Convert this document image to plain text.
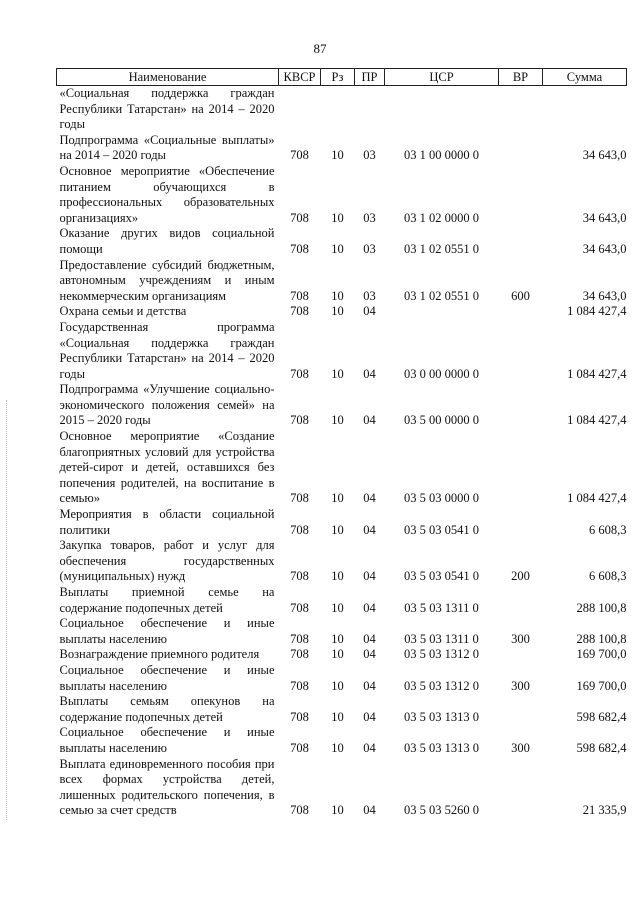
87
Наименование	КВСР	Рз	ПР	ЦСР	ВР	Сумма
«Социальная поддержка граждан Республики Татарстан» на 2014 – 2020 годы						
Подпрограмма «Социальные выплаты» на 2014 – 2020 годы	708	10	03	03 1 00 0000 0		34 643,0
Основное мероприятие «Обеспечение питанием обучающихся в профессиональных образовательных организациях»	708	10	03	03 1 02 0000 0		34 643,0
Оказание других видов социальной помощи	708	10	03	03 1 02 0551 0		34 643,0
Предоставление субсидий бюджетным, автономным учреждениям и иным некоммерческим организациям	708	10	03	03 1 02 0551 0	600	34 643,0
Охрана семьи и детства	708	10	04			1 084 427,4
Государственная программа «Социальная поддержка граждан Республики Татарстан» на 2014 – 2020 годы	708	10	04	03 0 00 0000 0		1 084 427,4
Подпрограмма «Улучшение социально-экономического положения семей» на 2015 – 2020 годы	708	10	04	03 5 00 0000 0		1 084 427,4
Основное мероприятие «Создание благоприятных условий для устройства детей-сирот и детей, оставшихся без попечения родителей, на воспитание в семью»	708	10	04	03 5 03 0000 0		1 084 427,4
Мероприятия в области социальной политики	708	10	04	03 5 03 0541 0		6 608,3
Закупка товаров, работ и услуг для обеспечения государственных (муниципальных) нужд	708	10	04	03 5 03 0541 0	200	6 608,3
Выплаты приемной семье на содержание подопечных детей	708	10	04	03 5 03 1311 0		288 100,8
Социальное обеспечение и иные выплаты населению	708	10	04	03 5 03 1311 0	300	288 100,8
Вознаграждение приемного родителя	708	10	04	03 5 03 1312 0		169 700,0
Социальное обеспечение и иные выплаты населению	708	10	04	03 5 03 1312 0	300	169 700,0
Выплаты семьям опекунов на содержание подопечных детей	708	10	04	03 5 03 1313 0		598 682,4
Социальное обеспечение и иные выплаты населению	708	10	04	03 5 03 1313 0	300	598 682,4
Выплата единовременного пособия при всех формах устройства детей, лишенных родительского попечения, в семью за счет средств	708	10	04	03 5 03 5260 0		21 335,9
